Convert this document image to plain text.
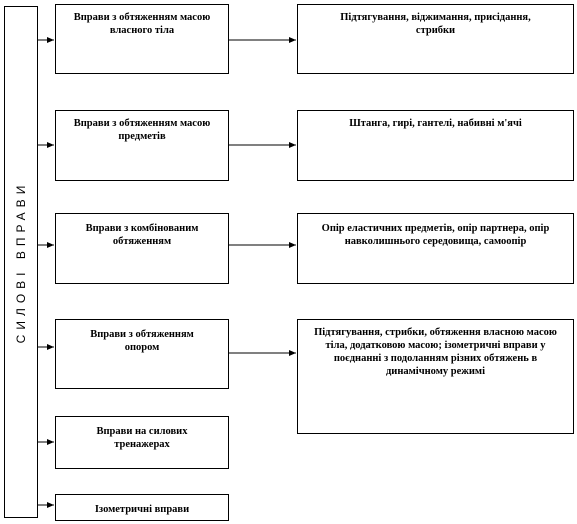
СИЛОВІ ВПРАВИ
Вправи з обтяженням масою власного тіла
Вправи з обтяженням масою предметів
Вправи з комбінованим обтяженням
Вправи з обтяженням опором
Вправи на силових тренажерах
Ізометричні вправи
Підтягування, віджимання, присідання, стрибки
Штанга, гирі, гантелі, набивні м'ячі
Опір еластичних предметів, опір партнера, опір навколишнього середовища, самоопір
Підтягування, стрибки, обтяження власною масою тіла, додатковою масою; ізометричні вправи у поєднанні з подоланням різних обтяжень в динамічному режимі
